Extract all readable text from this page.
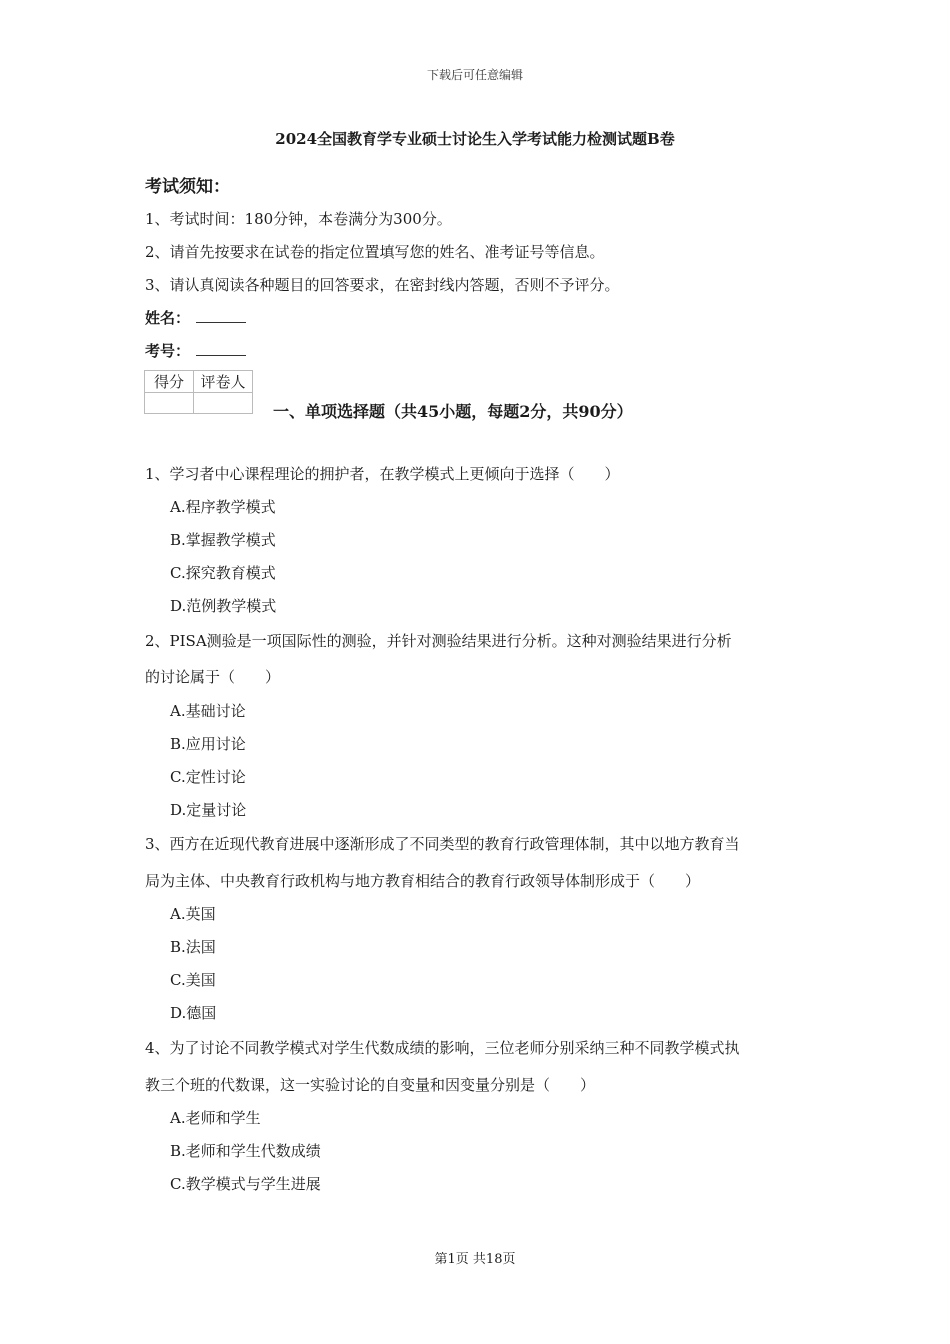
下载后可任意编辑
2024全国教育学专业硕士讨论生入学考试能力检测试题B卷
考试须知：
1、考试时间：180分钟，本卷满分为300分。
2、请首先按要求在试卷的指定位置填写您的姓名、准考证号等信息。
3、请认真阅读各种题目的回答要求，在密封线内答题，否则不予评分。
姓名：
考号：
得分	评卷人

一、单项选择题（共45小题，每题2分，共90分）
1、学习者中心课程理论的拥护者，在教学模式上更倾向于选择（　　）
A.程序教学模式
B.掌握教学模式
C.探究教育模式
D.范例教学模式
2、PISA测验是一项国际性的测验，并针对测验结果进行分析。这种对测验结果进行分析
的讨论属于（　　）
A.基础讨论
B.应用讨论
C.定性讨论
D.定量讨论
3、西方在近现代教育进展中逐渐形成了不同类型的教育行政管理体制，其中以地方教育当
局为主体、中央教育行政机构与地方教育相结合的教育行政领导体制形成于（　　）
A.英国
B.法国
C.美国
D.德国
4、为了讨论不同教学模式对学生代数成绩的影响，三位老师分别采纳三种不同教学模式执
教三个班的代数课，这一实验讨论的自变量和因变量分别是（　　）
A.老师和学生
B.老师和学生代数成绩
C.教学模式与学生进展
第1页 共18页
